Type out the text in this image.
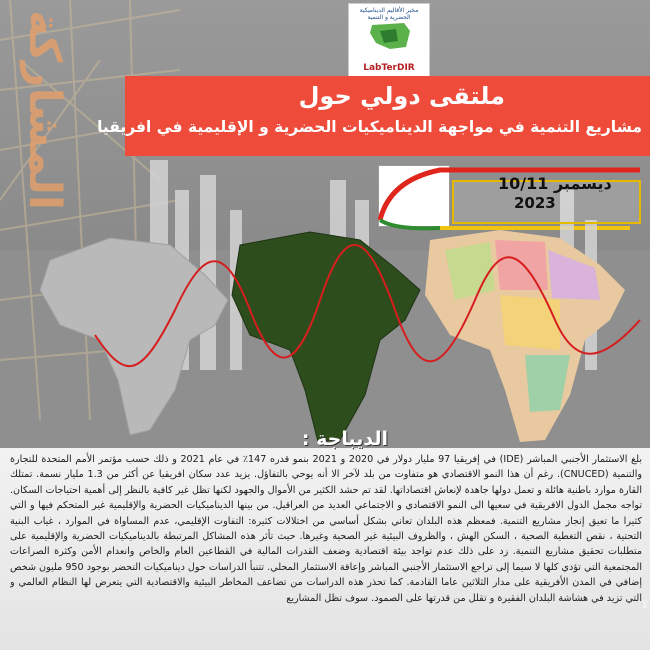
المشاركة	مخبر الأقاليم الديناميكية الحضرية و التنمية
LabTerDIR
ملتقى دولي حول
مشاريع التنمية في مواجهة الديناميكيات الحضرية و الإقليمية في افريقيا
10/11 ديسمبر
2023
الديباجة :
بلغ الاستثمار الأجنبي المباشر (IDE) في إفريقيا 97 مليار دولار في 2020 و 2021 بنمو قدره 147٪ في عام 2021 و ذلك حسب مؤتمر الأمم المتحدة للتجارة والتنمية (CNUCED). رغم أن هذا النمو الاقتصادي هو متفاوت من بلد لآخر الا أنه يوحي بالتفاؤل. يزيد عدد سكان افريقيا عن أكثر من 1.3 مليار نسمة. تمتلك القارة موارد باطنية هائلة و تعمل دولها جاهدة لإنعاش اقتصاداتها. لقد تم حشد الكثير من الأموال والجهود لكنها تظل غير كافية بالنظر إلى أهمية احتياجات السكان. تواجه مجمل الدول الافريقية في سعيها الى النمو الاقتصادي و الاجتماعي العديد من العراقيل. من بينها الديناميكيات الحضرية والإقليمية غير المتحكم فيها و التي كثيرا ما تعيق إنجاز مشاريع التنمية. فمعظم هذه البلدان تعاني بشكل أساسي من اختلالات كثيرة: التفاوت الإقليمي، عدم المساواة في الموارد ، غياب البنية التحتية ، نقص التغطية الصحية ، السكن الهش ، والظروف البيئية غير الصحية وغيرها. حيث تأثر هذه المشاكل المرتبطة بالديناميكيات الحضرية والإقليمية على متطلبات تحقيق مشاريع التنمية. زد على ذلك عدم تواجد بيئة اقتصادية وضعف القدرات المالية في القطاعين العام والخاص وانعدام الأمن وكثرة الصراعات المجتمعية التي تؤدي كلها لا سيما إلى تراجع الاستثمار الأجنبي المباشر وإعاقة الاستثمار المحلي. تتنبأ الدراسات حول ديناميكيات التحضر بوجود 950 مليون شخص إضافي في المدن الأفريقية على مدار الثلاثين عاما القادمة. كما تحذر هذه الدراسات من تضاعف المخاطر البيئية والاقتصادية التي يتعرض لها النظام العالمي و التي تزيد في هشاشة البلدان الفقيرة و تقلل من قدرتها على الصمود. سوف تظل المشاريع
De
